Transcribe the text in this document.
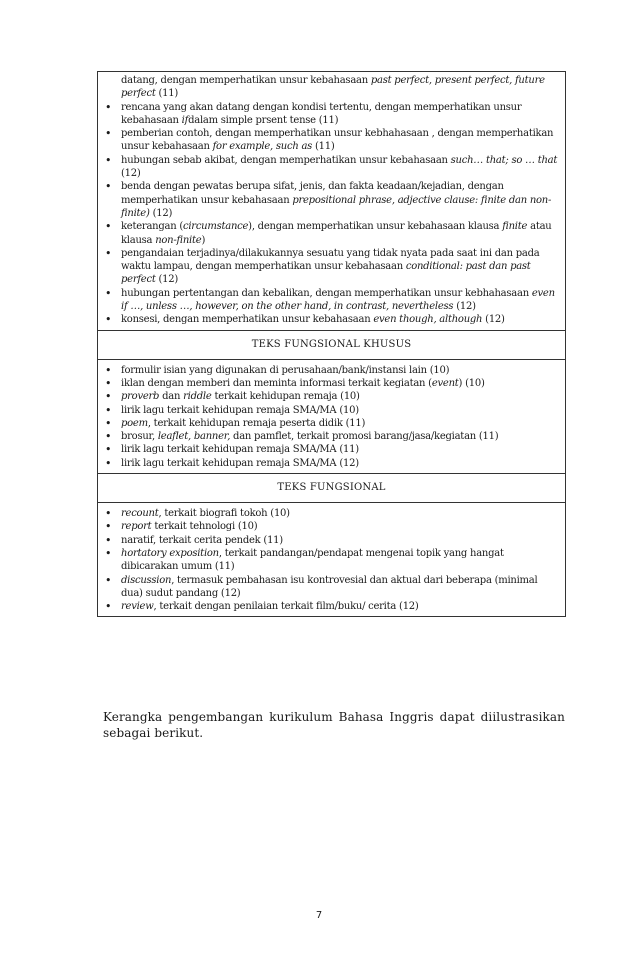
datang, dengan memperhatikan unsur kebahasaan past perfect, present perfect, future perfect (11)
• rencana yang akan datang dengan kondisi tertentu, dengan memperhatikan unsur kebahasaan ifdalam simple prsent tense (11)
• pemberian contoh, dengan memperhatikan unsur kebhahasaan , dengan memperhatikan unsur kebahasaan for example, such as (11)
• hubungan sebab akibat, dengan memperhatikan unsur kebahasaan such… that; so … that (12)
• benda dengan pewatas berupa sifat, jenis, dan fakta keadaan/kejadian, dengan memperhatikan unsur kebahasaan prepositional phrase, adjective clause: finite dan non-finite) (12)
• keterangan (circumstance), dengan memperhatikan unsur kebahasaan klausa finite atau klausa non-finite)
• pengandaian terjadinya/dilakukannya sesuatu yang tidak nyata pada saat ini dan pada waktu lampau, dengan memperhatikan unsur kebahasaan conditional: past dan past perfect (12)
• hubungan pertentangan dan kebalikan, dengan memperhatikan unsur kebhahasaan even if …, unless …, however, on the other hand, in contrast, nevertheless (12)
• konsesi, dengan memperhatikan unsur kebahasaan even though, although (12)
TEKS FUNGSIONAL KHUSUS
• formulir isian yang digunakan di perusahaan/bank/instansi lain (10)
• iklan dengan memberi dan meminta informasi terkait kegiatan (event) (10)
• proverb dan riddle terkait kehidupan remaja (10)
• lirik lagu terkait kehidupan remaja SMA/MA (10)
• poem, terkait kehidupan remaja peserta didik (11)
• brosur, leaflet, banner, dan pamflet, terkait promosi barang/jasa/kegiatan (11)
• lirik lagu terkait kehidupan remaja SMA/MA (11)
• lirik lagu terkait kehidupan remaja SMA/MA (12)
TEKS FUNGSIONAL
• recount, terkait biografi tokoh (10)
• report terkait tehnologi (10)
• naratif, terkait cerita pendek (11)
• hortatory exposition, terkait pandangan/pendapat mengenai topik yang hangat dibicarakan umum (11)
• discussion, termasuk pembahasan isu kontrovesial dan aktual dari beberapa (minimal dua) sudut pandang (12)
• review, terkait dengan penilaian terkait film/buku/ cerita (12)

Kerangka pengembangan kurikulum Bahasa Inggris dapat diilustrasikan sebagai berikut.

7
